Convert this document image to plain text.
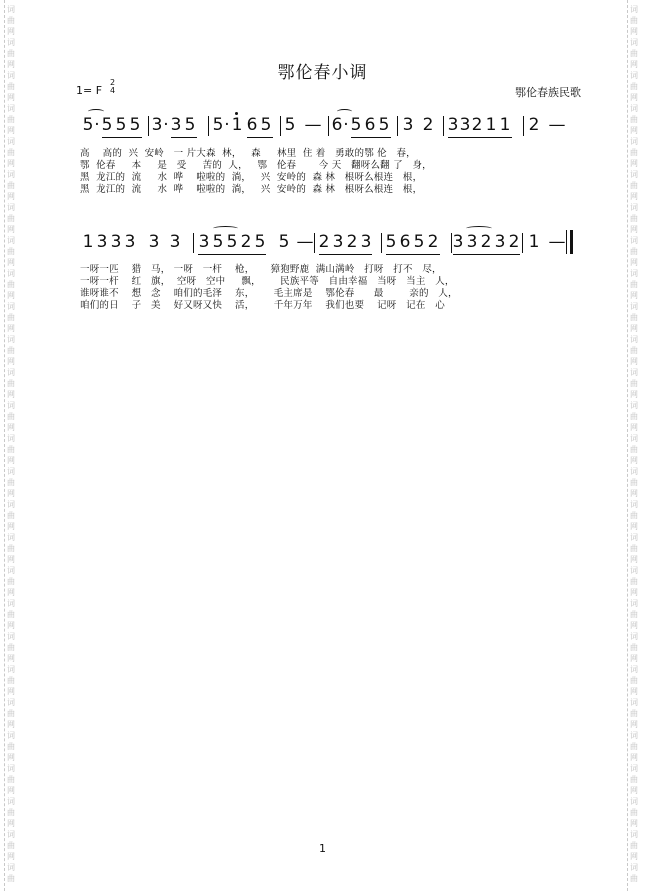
词
曲
网
词
曲
网
词
曲
网
词
曲
网
词
曲
网
词
曲
网
词
曲
网
词
曲
网
词
曲
网
词
曲
网
词
曲
网
词
曲
网
词
曲
网
词
曲
网
词
曲
网
词
曲
网
词
曲
网
词
曲
网
词
曲
网
词
曲
网
词
曲
网
词
曲
网
词
曲
网
词
曲
网
词
曲
网
词
曲
网
词
曲
词
曲
网
词
曲
网
词
曲
网
词
曲
网
词
曲
网
词
曲
网
词
曲
网
词
曲
网
词
曲
网
词
曲
网
词
曲
网
词
曲
网
词
曲
网
词
曲
网
词
曲
网
词
曲
网
词
曲
网
词
曲
网
词
曲
网
词
曲
网
词
曲
网
词
曲
网
词
曲
网
词
曲
网
词
曲
网
词
曲
网
词
曲
鄂伦春小调
1= F
2
4	鄂伦春族民歌
5 · 5 5 5 3 · 3 5 5 · 1 6 5 5 — 6 · 5 6 5 3 2 3 3 2 1 1 2 —
高　 高的  兴  安岭   一 片大森  林，   森     林里  住 着   勇敢的鄂 伦   春，
鄂  伦春     本     是   受     苦的  人，   鄂   伦春       今 天   翻呀么翻 了   身，
黑  龙江的  流     水  哗    啦啦的  淌，   兴  安岭的  森 林   根呀么根连   根，
黑  龙江的  流     水  哗    啦啦的  淌，   兴  安岭的  森 林   根呀么根连   根，
1 3 3 3 3 3 3 5 5 2 5 5 — 2 3 2 3 5 6 5 2 3 3 2 3 2 1 —
一呀一匹    猎   马， 一呀   一杆    枪，     獐狍野鹿  满山满岭   打呀   打不   尽，
一呀一杆    红   旗，  空呀   空中     飘，      民族平等   自由幸福   当呀   当主   人，
谁呀谁不    想   念    咱们的毛泽    东，      毛主席是    鄂伦春      最        亲的   人，
咱们的日    子   美    好又呀又快    活，      千年万年    我们也要    记呀   记在   心
1
